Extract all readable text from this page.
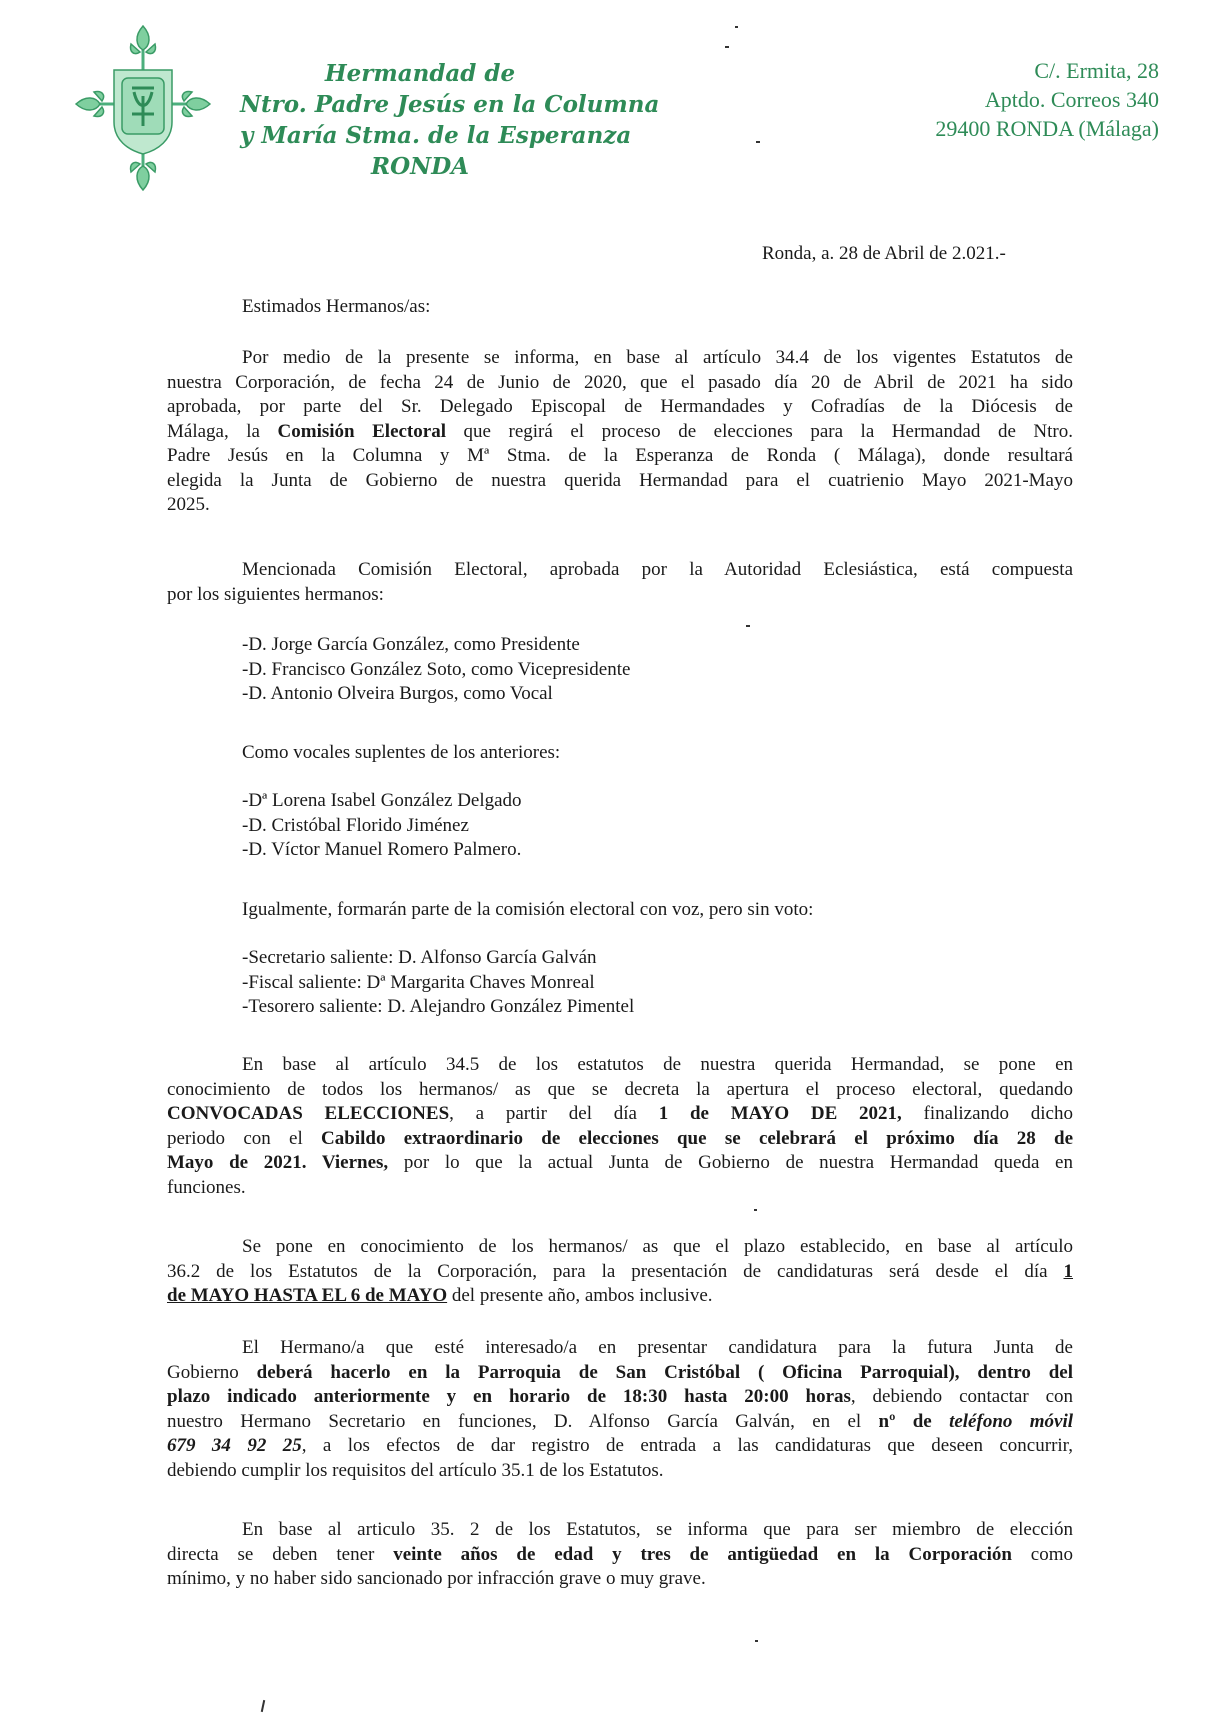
Hermandad de
Ntro. Padre Jesús en la Columna
y María Stma. de la Esperanza
RONDA
C/. Ermita, 28
Aptdo. Correos 340
29400 RONDA (Málaga)
Ronda, a. 28 de Abril de 2.021.-
Estimados Hermanos/as:
Por medio de la presente se informa, en base al artículo 34.4 de los vigentes Estatutos de
nuestra Corporación, de fecha 24 de Junio de 2020, que el pasado día 20 de Abril de 2021 ha sido
aprobada, por parte del Sr. Delegado Episcopal de Hermandades y Cofradías de la Diócesis de
Málaga, la Comisión Electoral que regirá el proceso de elecciones para la Hermandad de Ntro.
Padre Jesús en la Columna y Mª Stma. de la Esperanza de Ronda ( Málaga), donde resultará
elegida la Junta de Gobierno de nuestra querida Hermandad para el cuatrienio Mayo 2021-Mayo
2025.
Mencionada Comisión Electoral, aprobada por la Autoridad Eclesiástica, está compuesta
por los siguientes hermanos:
-D. Jorge García González, como Presidente
-D. Francisco González Soto, como Vicepresidente
-D. Antonio Olveira Burgos, como Vocal
Como vocales suplentes de los anteriores:
-Dª Lorena Isabel González Delgado
-D. Cristóbal Florido Jiménez
-D. Víctor Manuel Romero Palmero.
Igualmente, formarán parte de la comisión electoral con voz, pero sin voto:
-Secretario saliente: D. Alfonso García Galván
-Fiscal saliente: Dª Margarita Chaves Monreal
-Tesorero saliente: D. Alejandro González Pimentel
En base al artículo 34.5 de los estatutos de nuestra querida Hermandad, se pone en
conocimiento de todos los hermanos/ as que se decreta la apertura el proceso electoral, quedando
CONVOCADAS ELECCIONES, a partir del día 1 de MAYO DE 2021, finalizando dicho
periodo con el Cabildo extraordinario de elecciones que se celebrará el próximo día 28 de
Mayo de 2021. Viernes, por lo que la actual Junta de Gobierno de nuestra Hermandad queda en
funciones.
Se pone en conocimiento de los hermanos/ as que el plazo establecido, en base al artículo
36.2 de los Estatutos de la Corporación, para la presentación de candidaturas será desde el día 1
de MAYO HASTA EL 6 de MAYO del presente año, ambos inclusive.
El Hermano/a que esté interesado/a en presentar candidatura para la futura Junta de
Gobierno deberá hacerlo en la Parroquia de San Cristóbal ( Oficina Parroquial), dentro del
plazo indicado anteriormente y en horario de 18:30 hasta 20:00 horas, debiendo contactar con
nuestro Hermano Secretario en funciones, D. Alfonso García Galván, en el nº de teléfono móvil
679 34 92 25, a los efectos de dar registro de entrada a las candidaturas que deseen concurrir,
debiendo cumplir los requisitos del artículo 35.1 de los Estatutos.
En base al articulo 35. 2 de los Estatutos, se informa que para ser miembro de elección
directa se deben tener veinte años de edad y tres de antigüedad en la Corporación como
mínimo, y no haber sido sancionado por infracción grave o muy grave.
